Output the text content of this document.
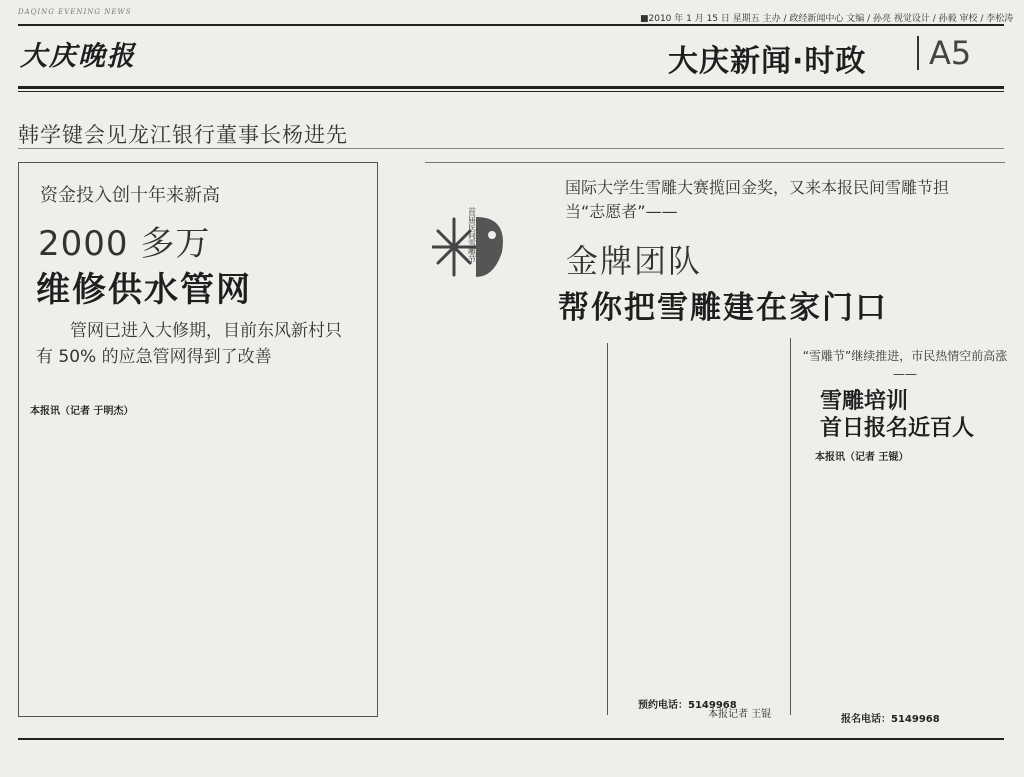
DAQING EVENING NEWS
■2010 年 1 月 15 日 星期五 主办 / 政经新闻中心 文编 / 孙亮 视觉设计 / 孙毅 审校 / 李松涛
大庆晚报	大庆新闻·时政	A5
韩学键会见龙江银行董事长杨进先
资金投入创十年来新高
2000 多万
维修供水管网
管网已进入大修期，目前东风新村只有 50% 的应急管网得到了改善
本报讯（记者 于明杰）
首届民间雪雕节
国际大学生雪雕大赛揽回金奖，又来本报民间雪雕节担当“志愿者”——
金牌团队
帮你把雪雕建在家门口
预约电话：5149968
本报记者 王锟
“雪雕节”继续推进，市民热情空前高涨——
雪雕培训
首日报名近百人
本报讯（记者 王锟）
报名电话：5149968
